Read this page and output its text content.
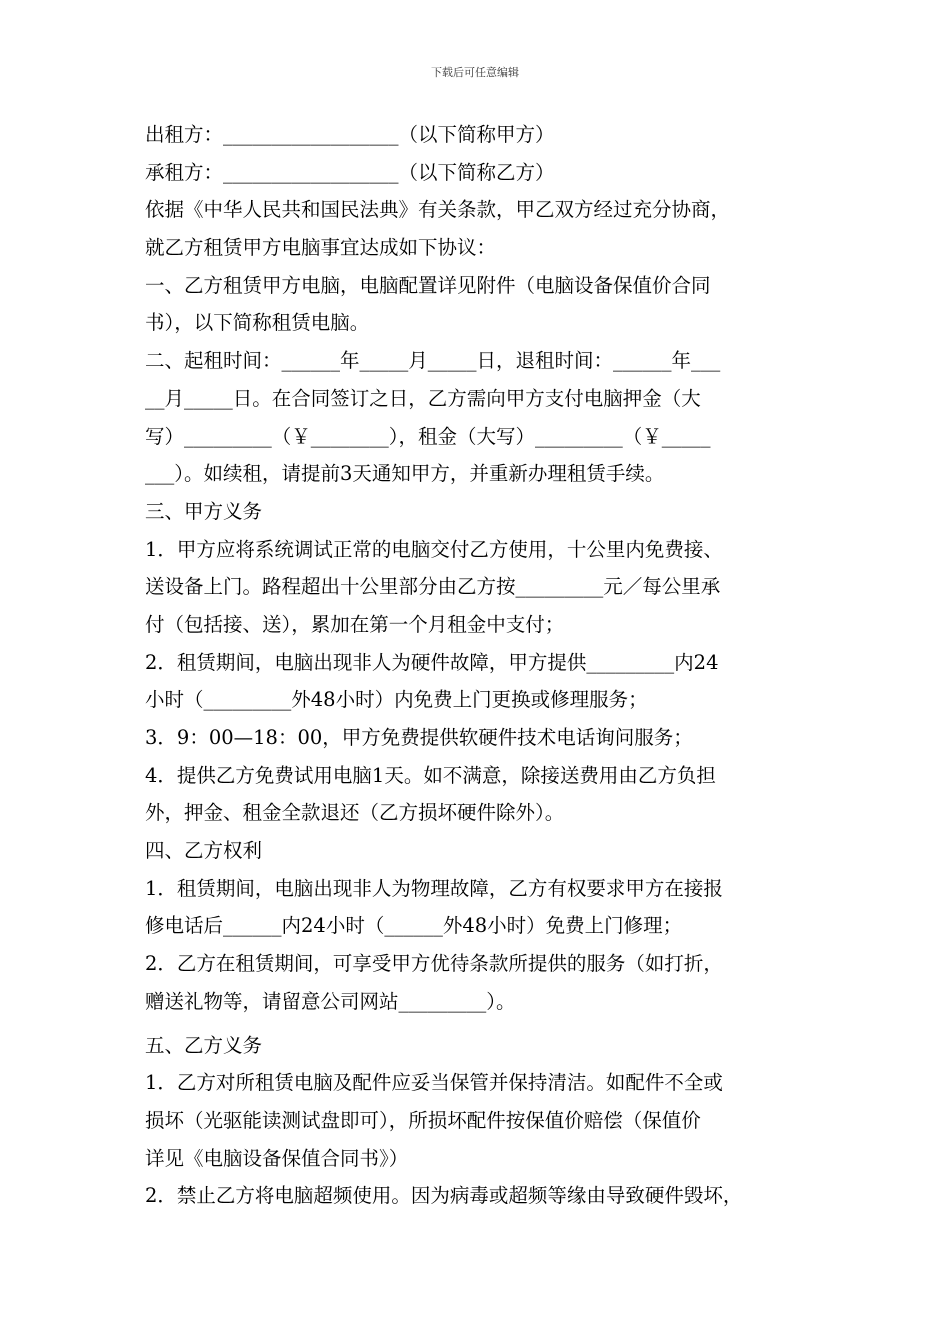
下载后可任意编辑
出租方：__________________（以下简称甲方）
承租方：__________________（以下简称乙方）
依据《中华人民共和国民法典》有关条款，甲乙双方经过充分协商，
就乙方租赁甲方电脑事宜达成如下协议：
一、乙方租赁甲方电脑，电脑配置详见附件（电脑设备保值价合同
书），以下简称租赁电脑。
二、起租时间：______年_____月_____日，退租时间：______年___
__月_____日。在合同签订之日，乙方需向甲方支付电脑押金（大
写）_________（￥________），租金（大写）_________（￥_____
___）。如续租，请提前3天通知甲方，并重新办理租赁手续。
三、甲方义务
1．甲方应将系统调试正常的电脑交付乙方使用，十公里内免费接、
送设备上门。路程超出十公里部分由乙方按_________元／每公里承
付（包括接、送），累加在第一个月租金中支付；
2．租赁期间，电脑出现非人为硬件故障，甲方提供_________内24
小时（_________外48小时）内免费上门更换或修理服务；
3．9：00—18：00，甲方免费提供软硬件技术电话询问服务；
4．提供乙方免费试用电脑1天。如不满意，除接送费用由乙方负担
外，押金、租金全款退还（乙方损坏硬件除外）。
四、乙方权利
1．租赁期间，电脑出现非人为物理故障，乙方有权要求甲方在接报
修电话后______内24小时（______外48小时）免费上门修理；
2．乙方在租赁期间，可享受甲方优待条款所提供的服务（如打折，
赠送礼物等，请留意公司网站_________）。
五、乙方义务
1．乙方对所租赁电脑及配件应妥当保管并保持清洁。如配件不全或
损坏（光驱能读测试盘即可），所损坏配件按保值价赔偿（保值价
详见《电脑设备保值合同书》）
2．禁止乙方将电脑超频使用。因为病毒或超频等缘由导致硬件毁坏，
